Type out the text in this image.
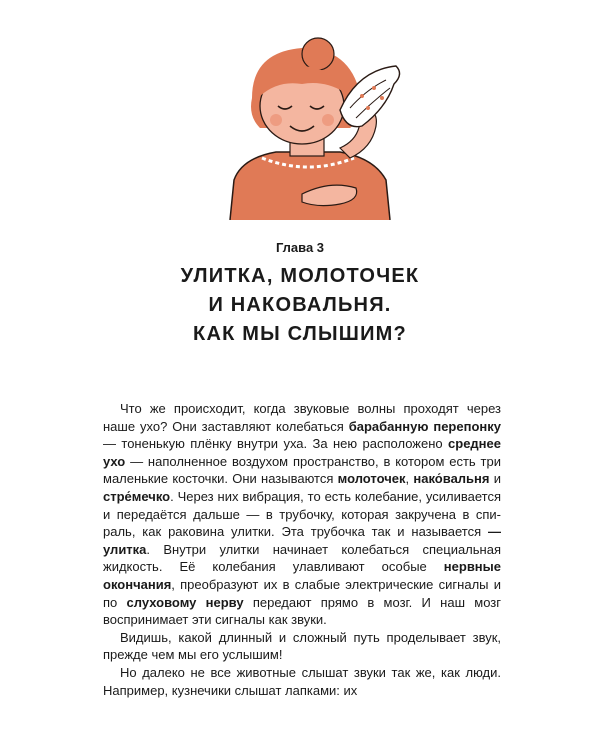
Глава 3
УЛИТКА, МОЛОТОЧЕК
И НАКОВАЛЬНЯ.
КАК МЫ СЛЫШИМ?

Что же происходит, когда звуковые волны проходят через наше ухо? Они заставляют колебаться барабанную перепонку — тоненькую плёнку внутри уха. За нею расположено среднее ухо — наполненное воздухом пространство, в котором есть три маленькие косточки. Они называются молоточек, нако́вальня и стре́мечко. Через них вибрация, то есть колебание, усиливается и передаётся дальше — в трубочку, которая закручена в спираль, как раковина улитки. Эта трубочка так и называется — улитка. Внутри улитки начинает колебаться специальная жидкость. Её колебания улавливают особые нервные окончания, преобразуют их в слабые электрические сигналы и по слуховому нерву передают прямо в мозг. И наш мозг воспринимает эти сигналы как звуки.

Видишь, какой длинный и сложный путь проделывает звук, прежде чем мы его услышим!

Но далеко не все животные слышат звуки так же, как люди. Например, кузнечики слышат лапками: их
